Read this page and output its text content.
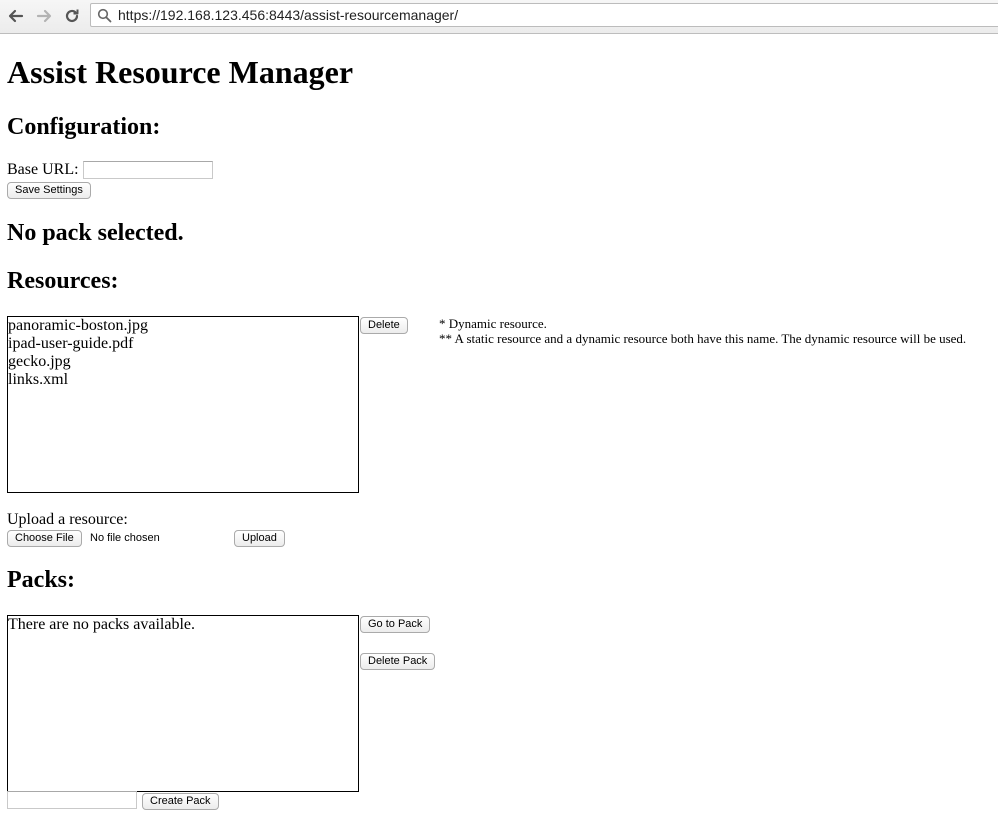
https://192.168.123.456:8443/assist-resourcemanager/
Assist Resource Manager
Configuration:
Base URL:
Save Settings
No pack selected.
Resources:
panoramic-boston.jpg
ipad-user-guide.pdf
gecko.jpg
links.xml
Delete	* Dynamic resource.
** A static resource and a dynamic resource both have this name. The dynamic resource will be used.
Upload a resource:
Choose File	No file chosen	Upload
Packs:
There are no packs available.	Go to Pack
Delete Pack
Create Pack
